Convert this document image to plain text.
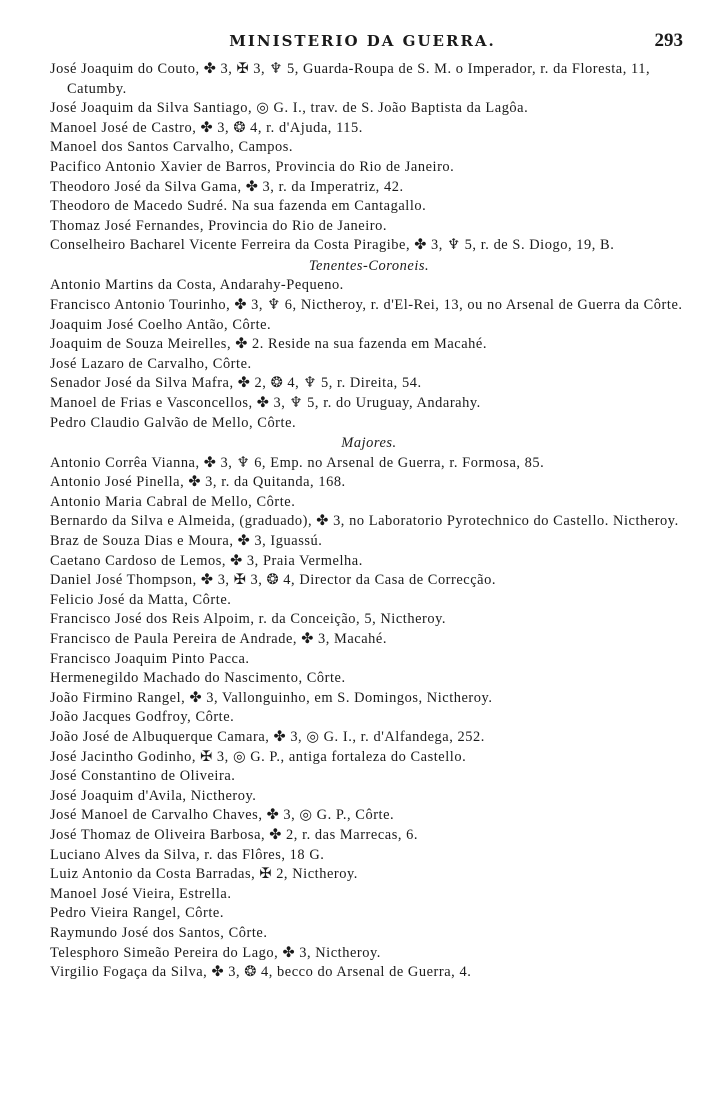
MINISTERIO DA GUERRA.	293

José Joaquim do Couto, ✤ 3, ✠ 3, ♆ 5, Guarda-Roupa de S. M. o Imperador, r. da Floresta, 11, Catumby.

José Joaquim da Silva Santiago, ◎ G. I., trav. de S. João Baptista da Lagôa.

Manoel José de Castro, ✤ 3, ❂ 4, r. d'Ajuda, 115.

Manoel dos Santos Carvalho, Campos.

Pacifico Antonio Xavier de Barros, Provincia do Rio de Janeiro.

Theodoro José da Silva Gama, ✤ 3, r. da Imperatriz, 42.

Theodoro de Macedo Sudré. Na sua fazenda em Cantagallo.

Thomaz José Fernandes, Provincia do Rio de Janeiro.

Conselheiro Bacharel Vicente Ferreira da Costa Piragibe, ✤ 3, ♆ 5, r. de S. Diogo, 19, B.

Tenentes-Coroneis.

Antonio Martins da Costa, Andarahy-Pequeno.

Francisco Antonio Tourinho, ✤ 3, ♆ 6, Nictheroy, r. d'El-Rei, 13, ou no Arsenal de Guerra da Côrte.

Joaquim José Coelho Antão, Côrte.

Joaquim de Souza Meirelles, ✤ 2. Reside na sua fazenda em Macahé.

José Lazaro de Carvalho, Côrte.

Senador José da Silva Mafra, ✤ 2, ❂ 4, ♆ 5, r. Direita, 54.

Manoel de Frias e Vasconcellos, ✤ 3, ♆ 5, r. do Uruguay, Andarahy.

Pedro Claudio Galvão de Mello, Côrte.

Majores.

Antonio Corrêa Vianna, ✤ 3, ♆ 6, Emp. no Arsenal de Guerra, r. Formosa, 85.

Antonio José Pinella, ✤ 3, r. da Quitanda, 168.

Antonio Maria Cabral de Mello, Côrte.

Bernardo da Silva e Almeida, (graduado), ✤ 3, no Laboratorio Pyrotechnico do Castello. Nictheroy.

Braz de Souza Dias e Moura, ✤ 3, Iguassú.

Caetano Cardoso de Lemos, ✤ 3, Praia Vermelha.

Daniel José Thompson, ✤ 3, ✠ 3, ❂ 4, Director da Casa de Correcção.

Felicio José da Matta, Côrte.

Francisco José dos Reis Alpoim, r. da Conceição, 5, Nictheroy.

Francisco de Paula Pereira de Andrade, ✤ 3, Macahé.

Francisco Joaquim Pinto Pacca.

Hermenegildo Machado do Nascimento, Côrte.

João Firmino Rangel, ✤ 3, Vallonguinho, em S. Domingos, Nictheroy.

João Jacques Godfroy, Côrte.

João José de Albuquerque Camara, ✤ 3, ◎ G. I., r. d'Alfandega, 252.

José Jacintho Godinho, ✠ 3, ◎ G. P., antiga fortaleza do Castello.

José Constantino de Oliveira.

José Joaquim d'Avila, Nictheroy.

José Manoel de Carvalho Chaves, ✤ 3, ◎ G. P., Côrte.

José Thomaz de Oliveira Barbosa, ✤ 2, r. das Marrecas, 6.

Luciano Alves da Silva, r. das Flôres, 18 G.

Luiz Antonio da Costa Barradas, ✠ 2, Nictheroy.

Manoel José Vieira, Estrella.

Pedro Vieira Rangel, Côrte.

Raymundo José dos Santos, Côrte.

Telesphoro Simeão Pereira do Lago, ✤ 3, Nictheroy.

Virgilio Fogaça da Silva, ✤ 3, ❂ 4, becco do Arsenal de Guerra, 4.
